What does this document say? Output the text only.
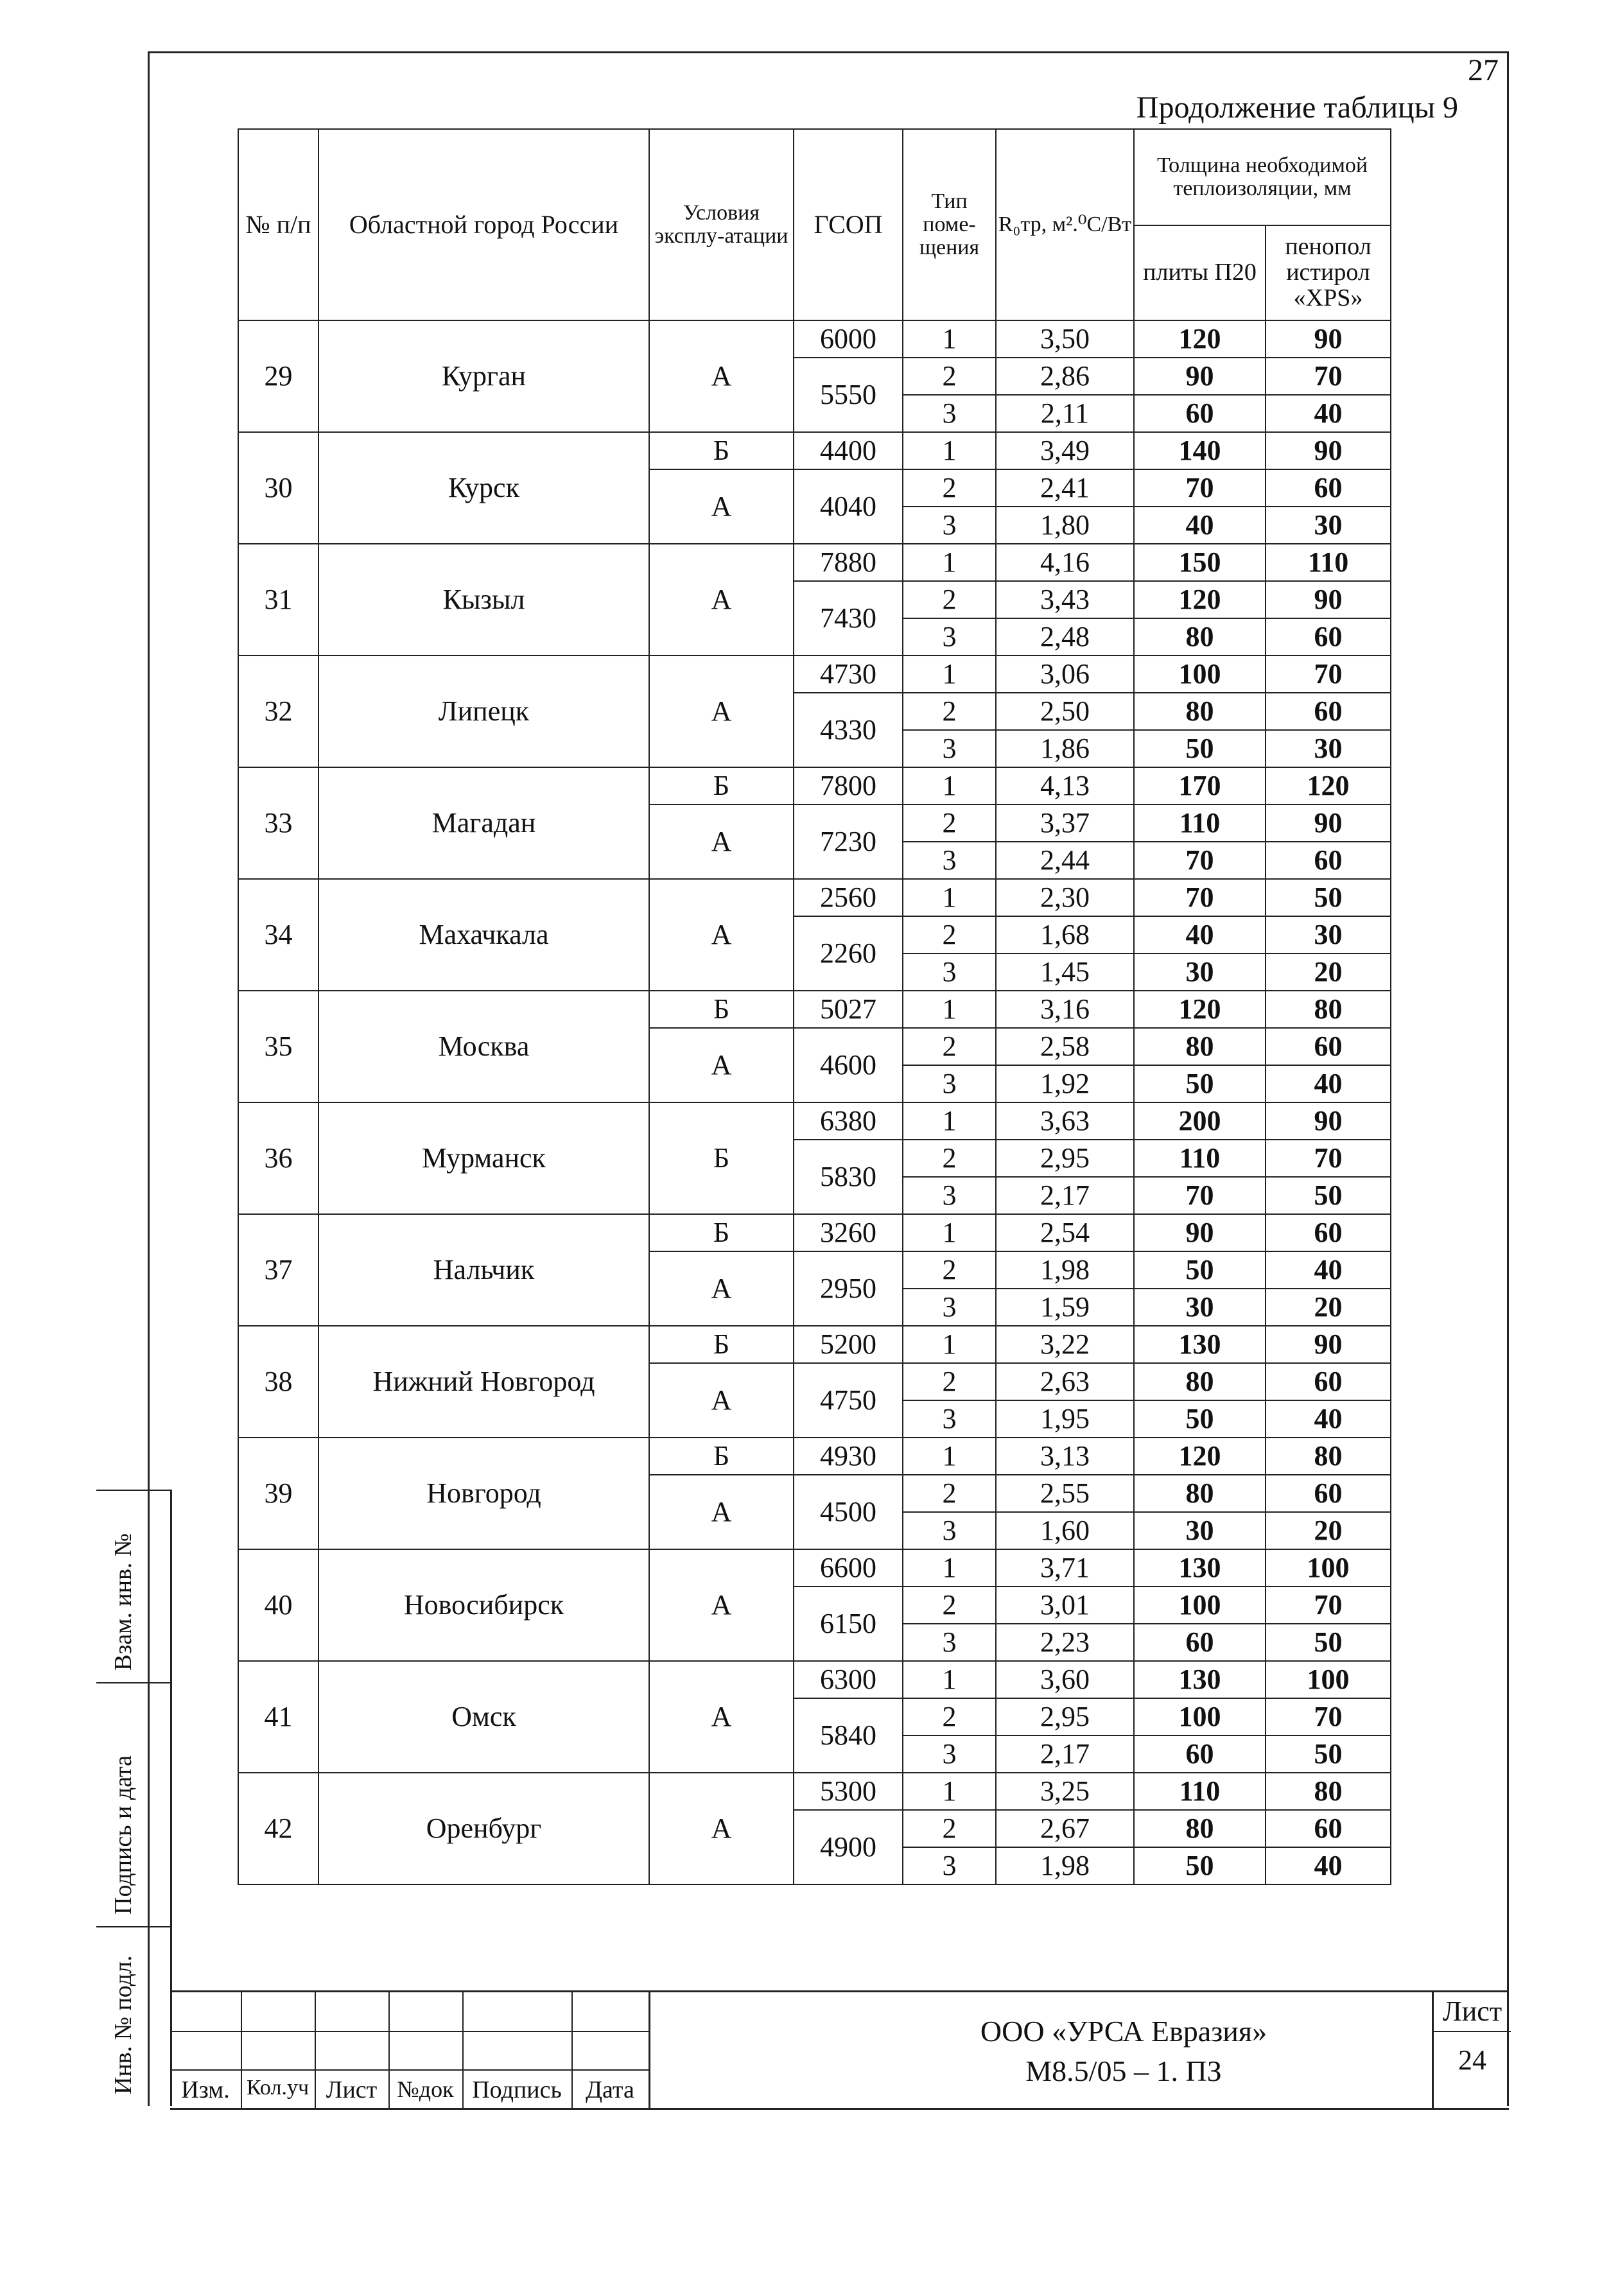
27
Продолжение таблицы 9
№ п/п	Областной город России	Условия эксплу-атации	ГСОП	Тип поме-щения	R₀тр, м².⁰С/Вт	Толщина необходимой теплоизоляции, мм	
						плиты П20	пенопол истирол «XPS»
29	Курган	А	6000	1	3,50	120	90
			5550	2	2,86	90	70
				3	2,11	60	40
30	Курск	Б	4400	1	3,49	140	90
		А	4040	2	2,41	70	60
				3	1,80	40	30
31	Кызыл	А	7880	1	4,16	150	110
			7430	2	3,43	120	90
				3	2,48	80	60
32	Липецк	А	4730	1	3,06	100	70
			4330	2	2,50	80	60
				3	1,86	50	30
33	Магадан	Б	7800	1	4,13	170	120
		А	7230	2	3,37	110	90
				3	2,44	70	60
34	Махачкала	А	2560	1	2,30	70	50
			2260	2	1,68	40	30
				3	1,45	30	20
35	Москва	Б	5027	1	3,16	120	80
		А	4600	2	2,58	80	60
				3	1,92	50	40
36	Мурманск	Б	6380	1	3,63	200	90
			5830	2	2,95	110	70
				3	2,17	70	50
37	Нальчик	Б	3260	1	2,54	90	60
		А	2950	2	1,98	50	40
				3	1,59	30	20
38	Нижний Новгород	Б	5200	1	3,22	130	90
		А	4750	2	2,63	80	60
				3	1,95	50	40
39	Новгород	Б	4930	1	3,13	120	80
		А	4500	2	2,55	80	60
				3	1,60	30	20
40	Новосибирск	А	6600	1	3,71	130	100
			6150	2	3,01	100	70
				3	2,23	60	50
41	Омск	А	6300	1	3,60	130	100
			5840	2	2,95	100	70
				3	2,17	60	50
42	Оренбург	А	5300	1	3,25	110	80
			4900	2	2,67	80	60
				3	1,98	50	40
Взам. инв. №
Подпись и дата
Инв. № подл.	Изм. Кол.уч Лист №док Подпись Дата
ООО «УРСА Евразия»
М8.5/05 – 1. ПЗ
Лист
24
